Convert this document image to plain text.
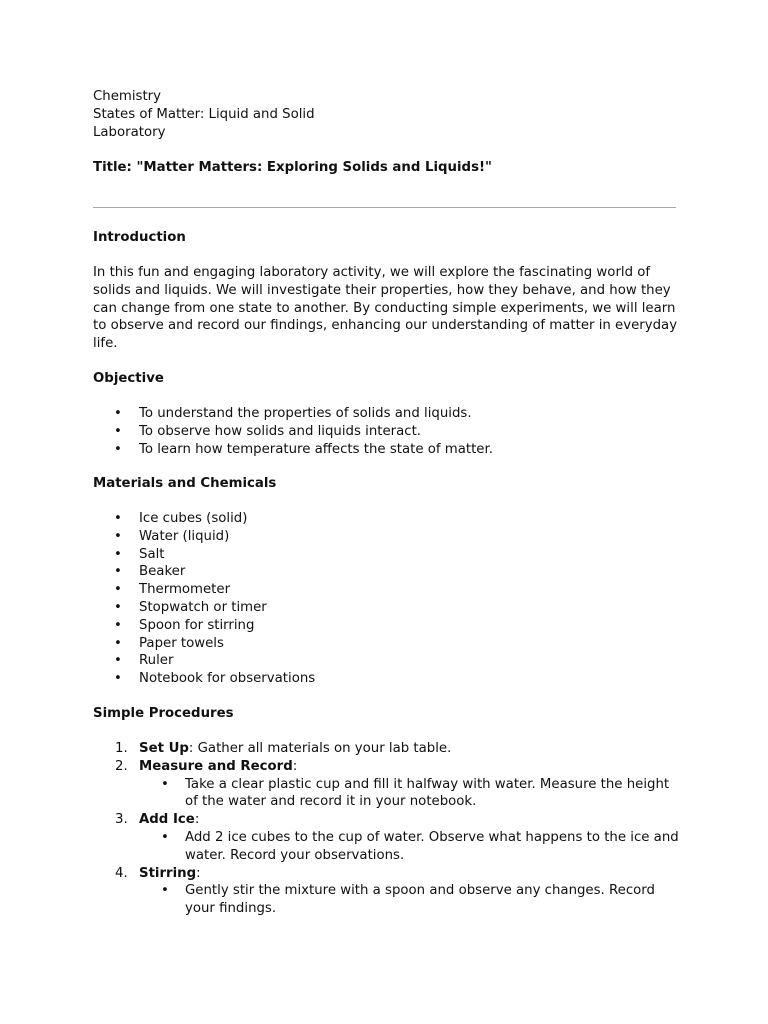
Chemistry
States of Matter: Liquid and Solid
Laboratory
Title: "Matter Matters: Exploring Solids and Liquids!"
Introduction
In this fun and engaging laboratory activity, we will explore the fascinating world of solids and liquids. We will investigate their properties, how they behave, and how they can change from one state to another. By conducting simple experiments, we will learn to observe and record our findings, enhancing our understanding of matter in everyday life.
Objective
• To understand the properties of solids and liquids.
• To observe how solids and liquids interact.
• To learn how temperature affects the state of matter.
Materials and Chemicals
• Ice cubes (solid)
• Water (liquid)
• Salt
• Beaker
• Thermometer
• Stopwatch or timer
• Spoon for stirring
• Paper towels
• Ruler
• Notebook for observations
Simple Procedures
1. Set Up: Gather all materials on your lab table.
2. Measure and Record:
• Take a clear plastic cup and fill it halfway with water. Measure the height of the water and record it in your notebook.
3. Add Ice:
• Add 2 ice cubes to the cup of water. Observe what happens to the ice and water. Record your observations.
4. Stirring:
• Gently stir the mixture with a spoon and observe any changes. Record your findings.
